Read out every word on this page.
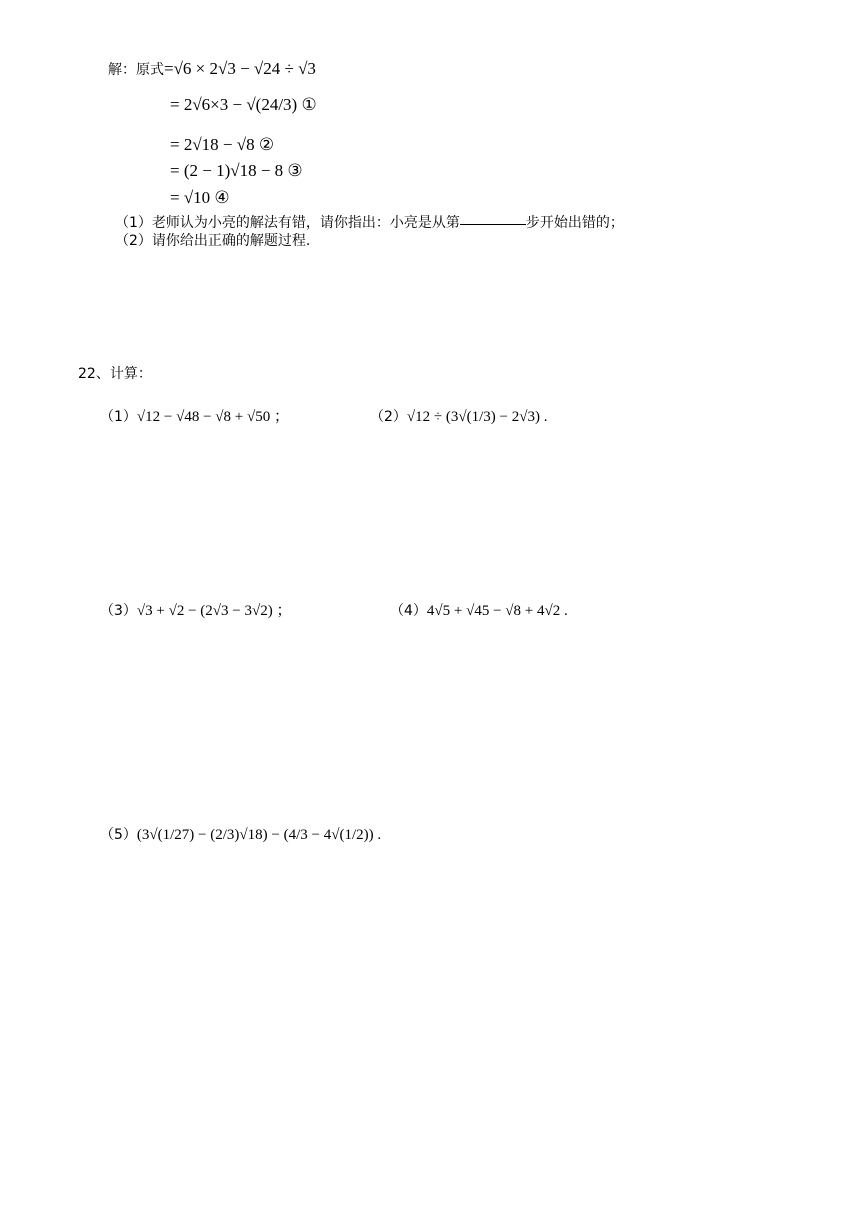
解：原式=√6 × 2√3 − √24 ÷ √3
= 2√6×3 − √(24/3) ①
= 2√18 − √8 ②
= (2 − 1)√18 − 8 ③
= √10 ④
（1）老师认为小亮的解法有错，请你指出：小亮是从第	步开始出错的；
（2）请你给出正确的解题过程.
22、计算：
（1）√12 − √48 − √8 + √50 ；	（2）√12 ÷ (3√(1/3) − 2√3) .
（3）√3 + √2 − (2√3 − 3√2) ；	（4）4√5 + √45 − √8 + 4√2 .
（5）(3√(1/27) − (2/3)√18) − (4/3 − 4√(1/2)) .
